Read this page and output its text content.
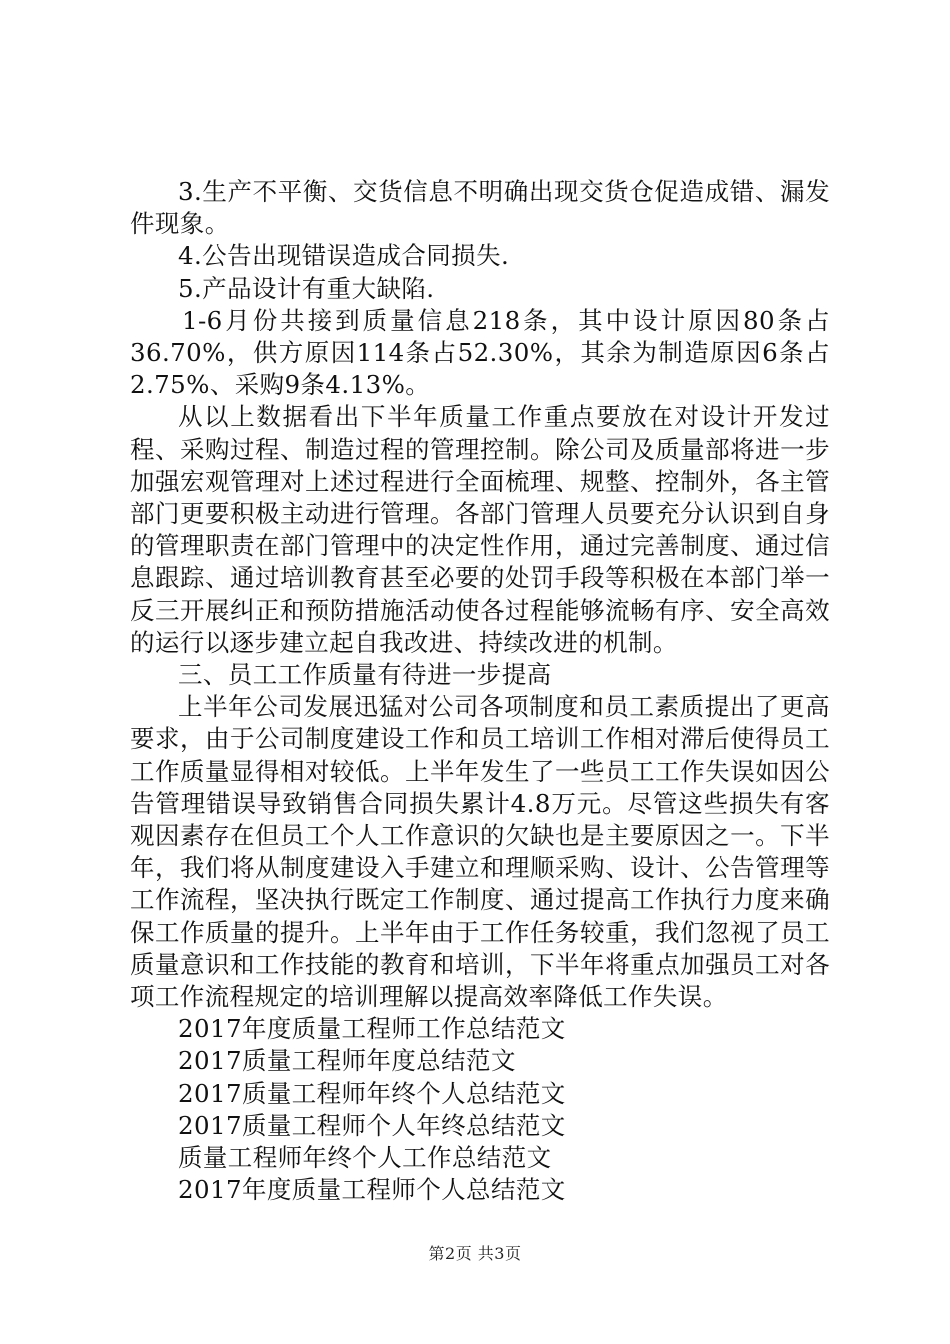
3.生产不平衡、交货信息不明确出现交货仓促造成错、漏发件现象。

4.公告出现错误造成合同损失.

5.产品设计有重大缺陷.

1-6月份共接到质量信息218条，其中设计原因80条占36.70%，供方原因114条占52.30%，其余为制造原因6条占2.75%、采购9条4.13%。

从以上数据看出下半年质量工作重点要放在对设计开发过程、采购过程、制造过程的管理控制。除公司及质量部将进一步加强宏观管理对上述过程进行全面梳理、规整、控制外，各主管部门更要积极主动进行管理。各部门管理人员要充分认识到自身的管理职责在部门管理中的决定性作用，通过完善制度、通过信息跟踪、通过培训教育甚至必要的处罚手段等积极在本部门举一反三开展纠正和预防措施活动使各过程能够流畅有序、安全高效的运行以逐步建立起自我改进、持续改进的机制。

三、员工工作质量有待进一步提高

上半年公司发展迅猛对公司各项制度和员工素质提出了更高要求，由于公司制度建设工作和员工培训工作相对滞后使得员工工作质量显得相对较低。上半年发生了一些员工工作失误如因公告管理错误导致销售合同损失累计4.8万元。尽管这些损失有客观因素存在但员工个人工作意识的欠缺也是主要原因之一。下半年，我们将从制度建设入手建立和理顺采购、设计、公告管理等工作流程，坚决执行既定工作制度、通过提高工作执行力度来确保工作质量的提升。上半年由于工作任务较重，我们忽视了员工质量意识和工作技能的教育和培训，下半年将重点加强员工对各项工作流程规定的培训理解以提高效率降低工作失误。

2017年度质量工程师工作总结范文
2017质量工程师年度总结范文
2017质量工程师年终个人总结范文
2017质量工程师个人年终总结范文
质量工程师年终个人工作总结范文
2017年度质量工程师个人总结范文
第2页 共3页
